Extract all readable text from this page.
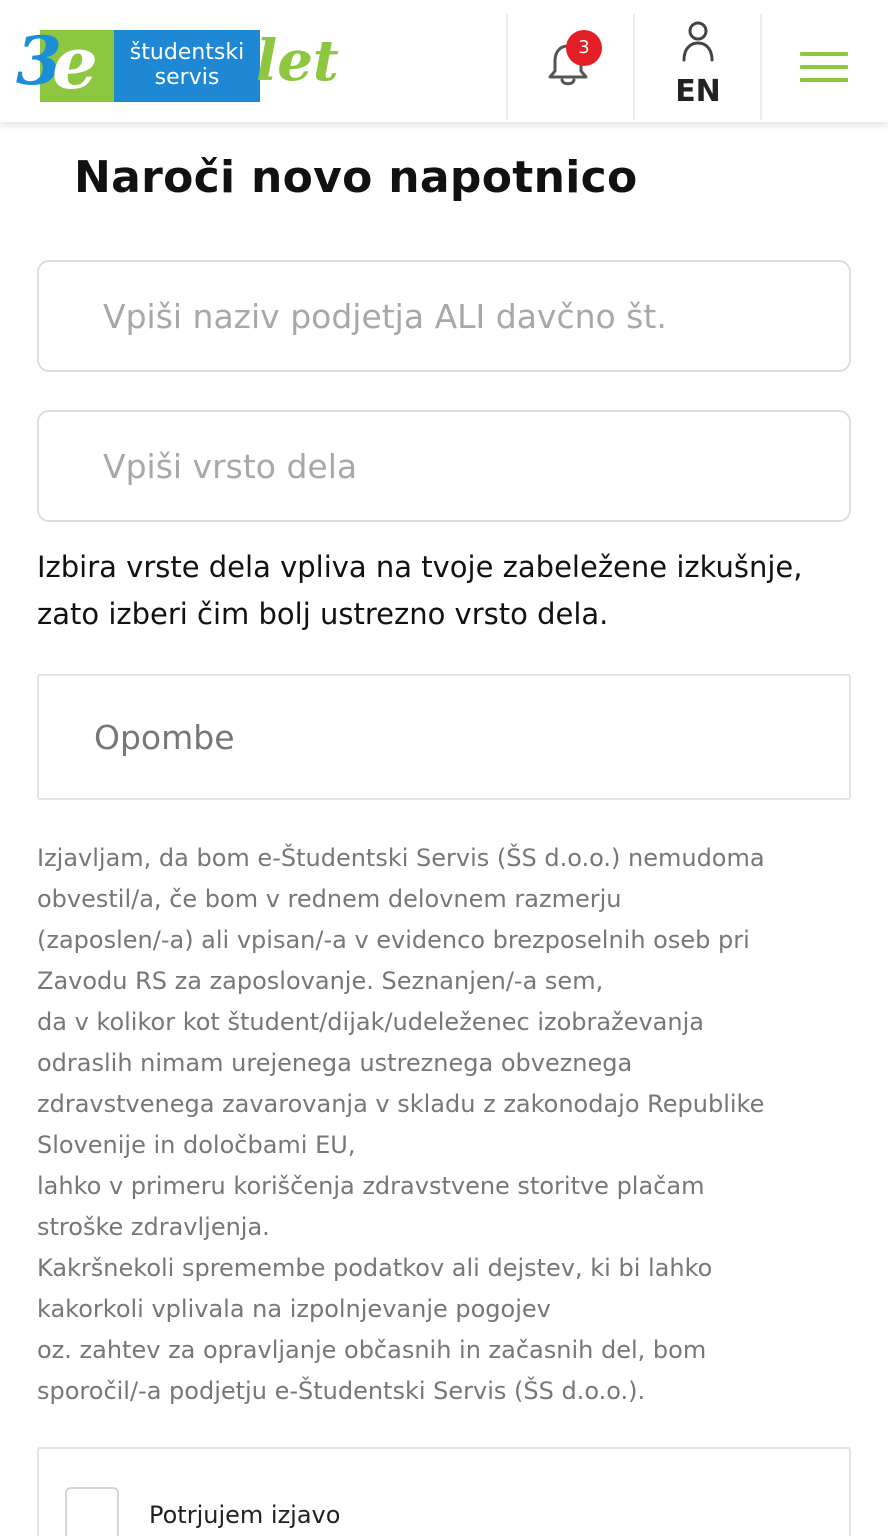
3
e	študentski
servis let	3
EN
Naroči novo napotnico
Vpiši naziv podjetja ALI davčno št.
Vpiši vrsto dela

Izbira vrste dela vpliva na tvoje zabeležene izkušnje, zato izberi čim bolj ustrezno vrsto dela.

Opombe
Izjavljam, da bom e-Študentski Servis (ŠS d.o.o.) nemudoma
obvestil/a, če bom v rednem delovnem razmerju
(zaposlen/-a) ali vpisan/-a v evidenco brezposelnih oseb pri
Zavodu RS za zaposlovanje. Seznanjen/-a sem,
da v kolikor kot študent/dijak/udeleženec izobraževanja
odraslih nimam urejenega ustreznega obveznega
zdravstvenega zavarovanja v skladu z zakonodajo Republike
Slovenije in določbami EU,
lahko v primeru koriščenja zdravstvene storitve plačam
stroške zdravljenja.
Kakršnekoli spremembe podatkov ali dejstev, ki bi lahko
kakorkoli vplivala na izpolnjevanje pogojev
oz. zahtev za opravljanje občasnih in začasnih del, bom
sporočil/-a podjetju e-Študentski Servis (ŠS d.o.o.).
Potrjujem izjavo
